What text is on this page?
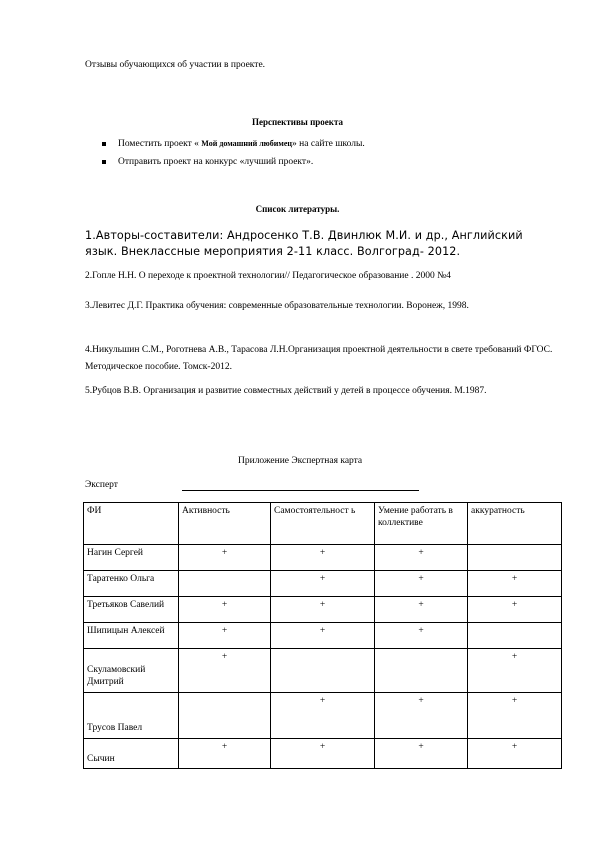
Отзывы обучающихся об участии в проекте.
Перспективы проекта
Поместить проект « Мой домашний любимец» на сайте школы.
Отправить проект на конкурс «лучший проект».
Список литературы.
1.Авторы-составители: Андросенко Т.В. Двинлюк М.И. и др., Английский язык. Внеклассные мероприятия 2-11 класс. Волгоград- 2012.
2.Гопле Н.Н. О переходе к проектной технологии// Педагогическое образование . 2000 №4
3.Левитес Д.Г. Практика обучения: современные образовательные технологии. Воронеж, 1998.
4.Никульшин С.М., Роготнева А.В., Тарасова Л.Н.Организация проектной деятельности в свете требований ФГОС. Методическое пособие. Томск-2012.
5.Рубцов В.В. Организация и развитие совместных действий у детей в процессе обучения. М.1987.
Приложение Экспертная карта
Эксперт
ФИ	Активность	Самостоятельност ь	Умение работать в коллективе	аккуратность
Нагин Сергей	+	+	+	
Таратенко Ольга		+	+	+
Третьяков Савелий	+	+	+	+
Шипицын Алексей	+	+	+	
Скуламовский Дмитрий	+			+
Трусов Павел		+	+	+
Сычин	+	+	+	+
